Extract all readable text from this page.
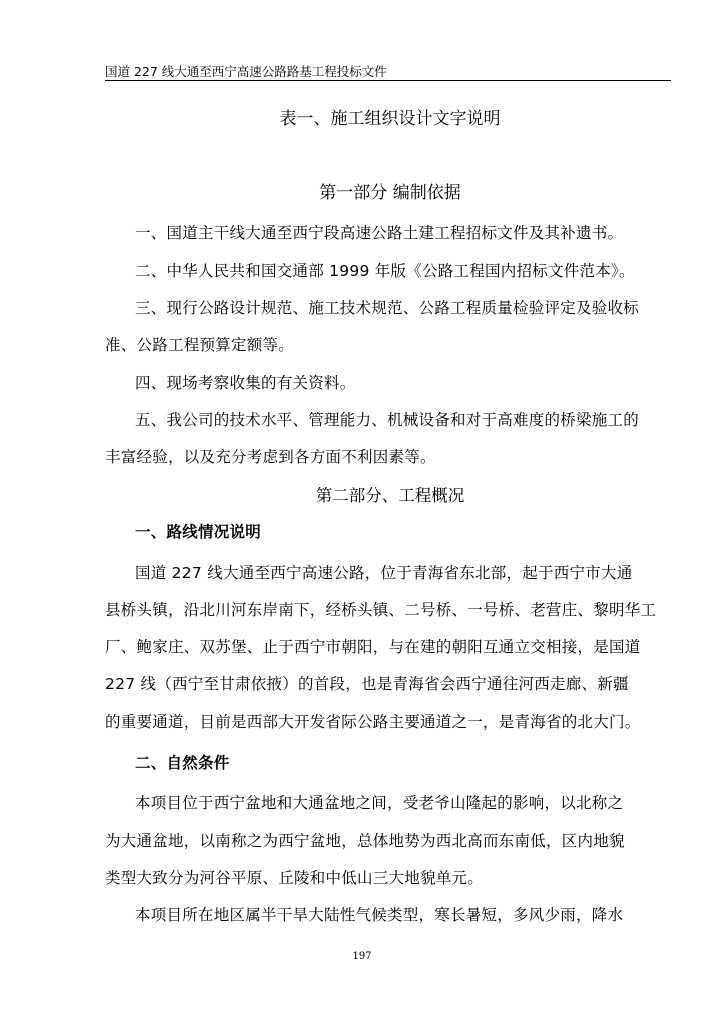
国道 227 线大通至西宁高速公路路基工程投标文件
表一、施工组织设计文字说明
第一部分 编制依据
一、国道主干线大通至西宁段高速公路土建工程招标文件及其补遗书。
二、中华人民共和国交通部 1999 年版《公路工程国内招标文件范本》。
三、现行公路设计规范、施工技术规范、公路工程质量检验评定及验收标
准、公路工程预算定额等。
四、现场考察收集的有关资料。
五、我公司的技术水平、管理能力、机械设备和对于高难度的桥梁施工的
丰富经验，以及充分考虑到各方面不利因素等。
第二部分、工程概况
一、路线情况说明
国道 227 线大通至西宁高速公路，位于青海省东北部，起于西宁市大通
县桥头镇，沿北川河东岸南下，经桥头镇、二号桥、一号桥、老营庄、黎明华工
厂、鲍家庄、双苏堡、止于西宁市朝阳，与在建的朝阳互通立交相接，是国道
227 线（西宁至甘肃依掖）的首段，也是青海省会西宁通往河西走廊、新疆
的重要通道，目前是西部大开发省际公路主要通道之一，是青海省的北大门。
二、自然条件
本项目位于西宁盆地和大通盆地之间，受老爷山隆起的影响，以北称之
为大通盆地，以南称之为西宁盆地，总体地势为西北高而东南低，区内地貌
类型大致分为河谷平原、丘陵和中低山三大地貌单元。
本项目所在地区属半干旱大陆性气候类型，寒长暑短，多风少雨，降水
197
